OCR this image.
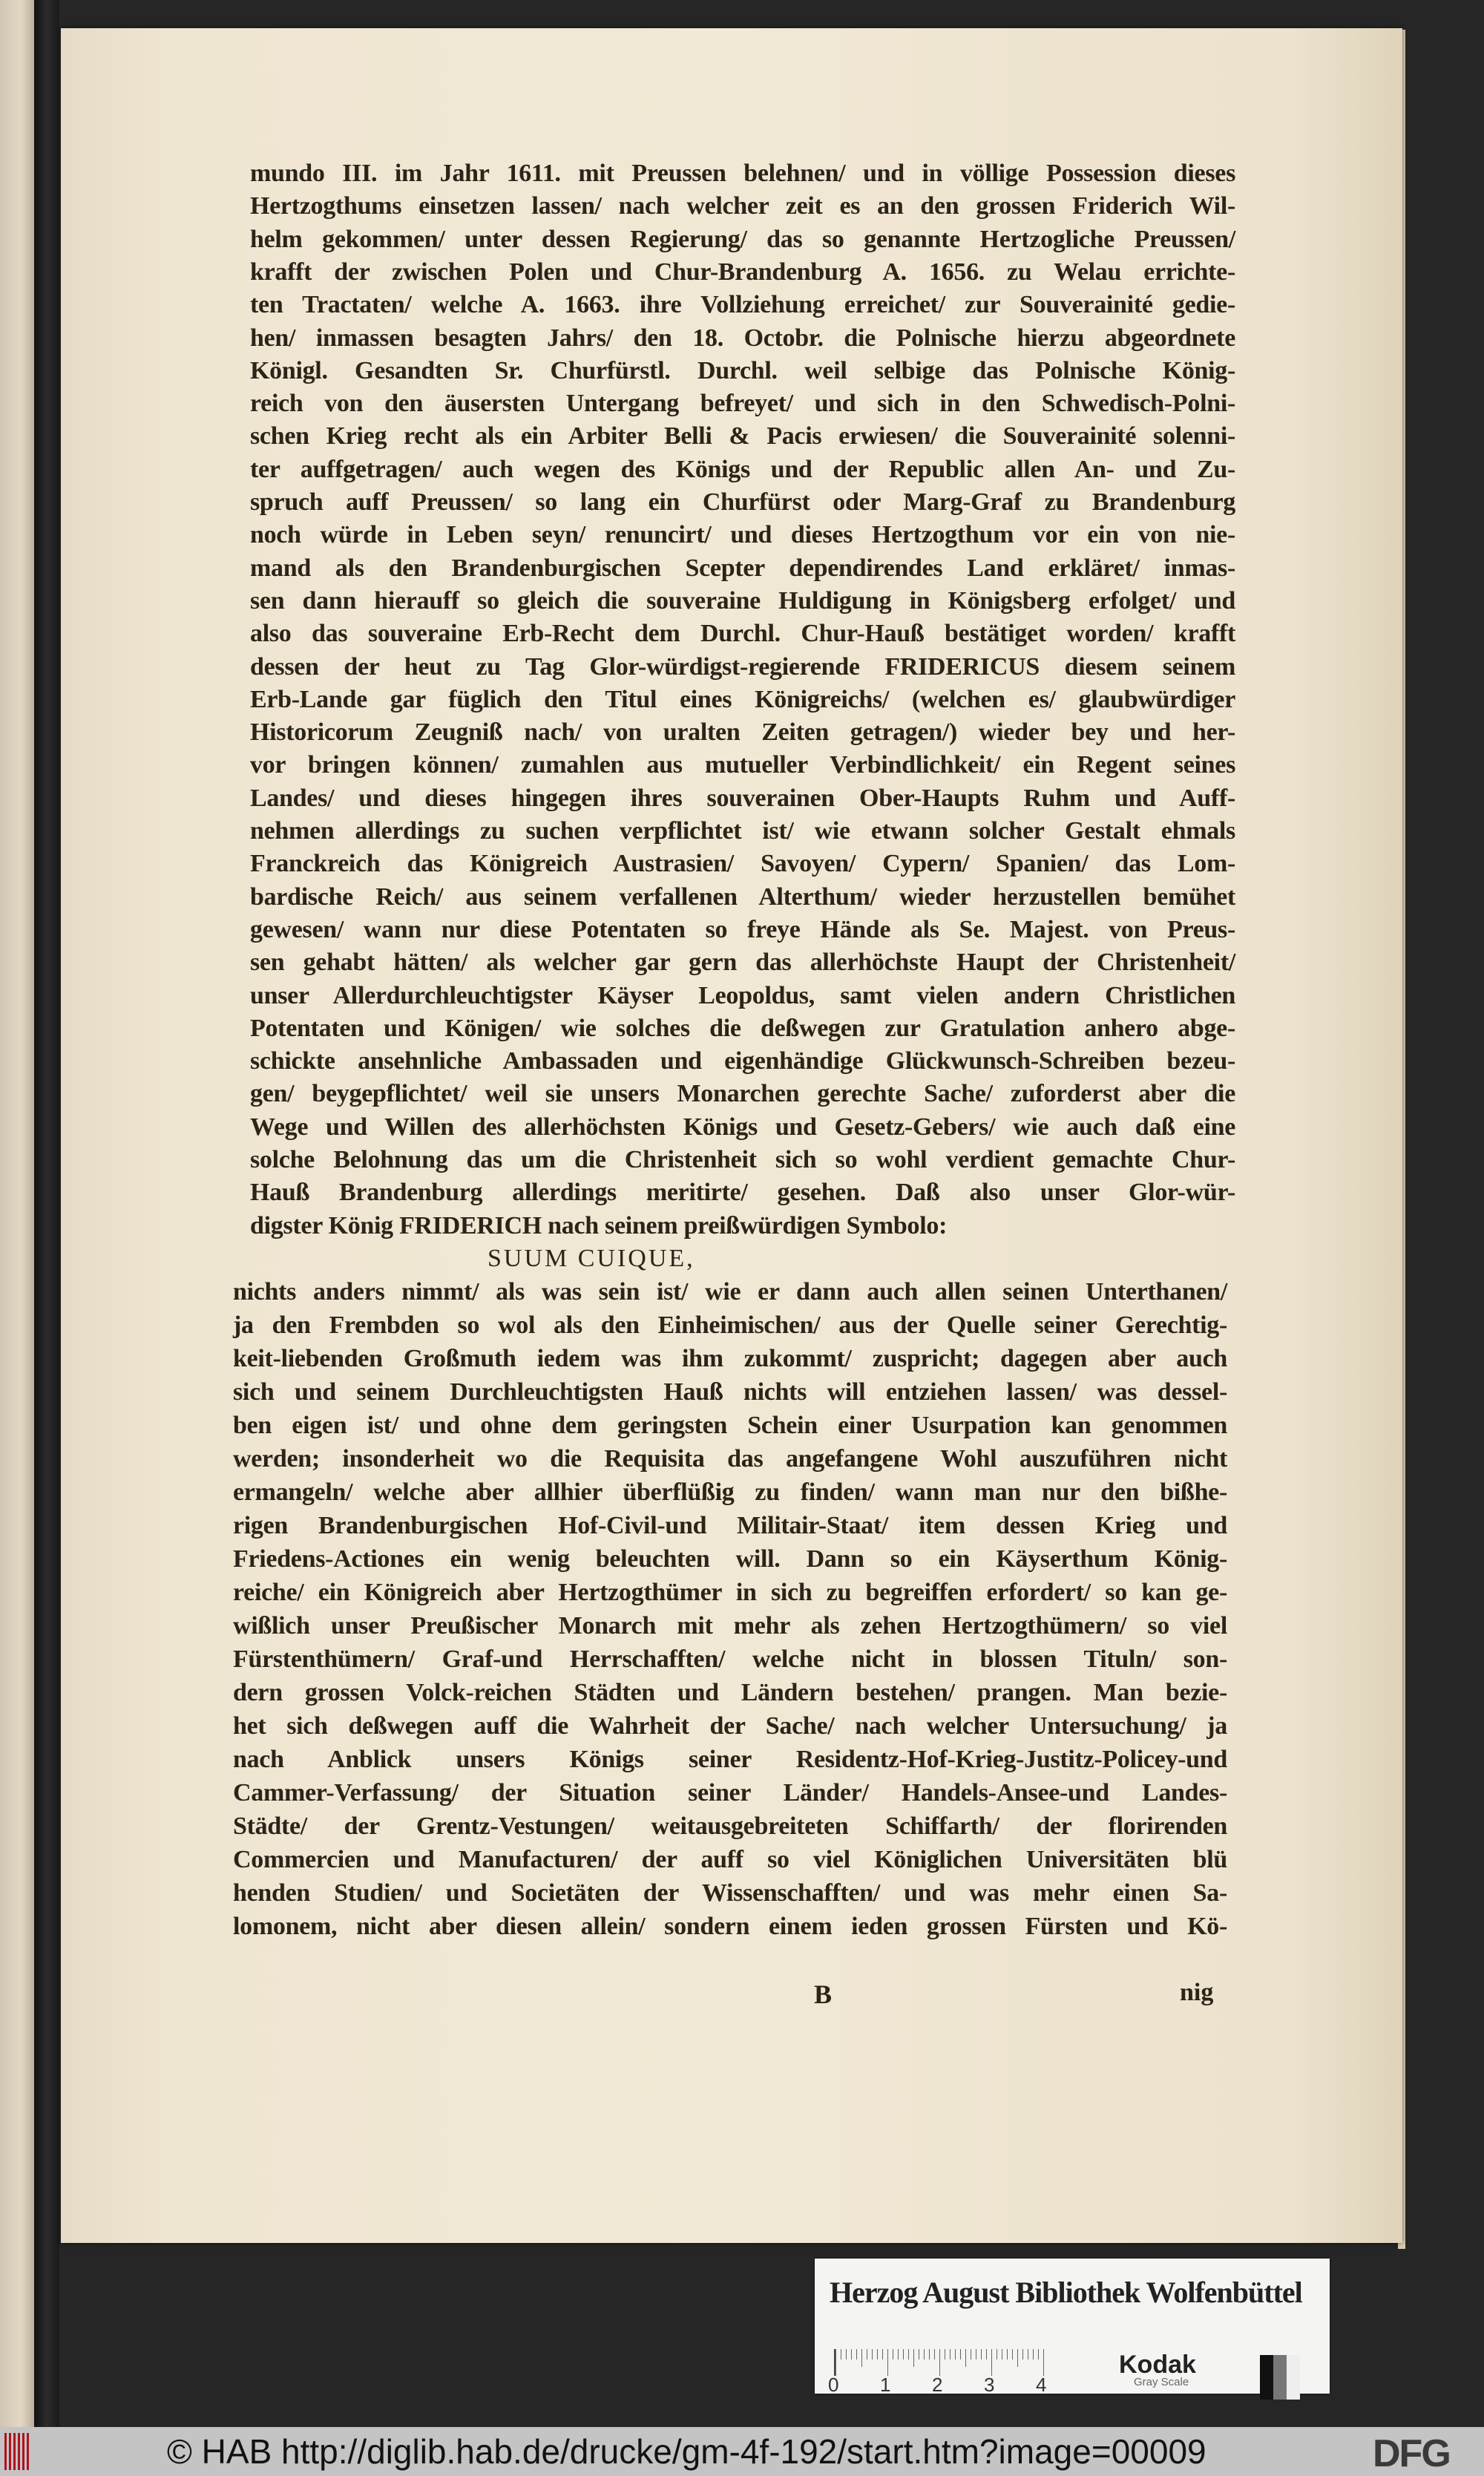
mundo III. im Jahr 1611. mit Preussen belehnen/ und in völlige Possession dieses
Hertzogthums einsetzen lassen/ nach welcher zeit es an den grossen Friderich Wil-
helm gekommen/ unter dessen Regierung/ das so genannte Hertzogliche Preussen/
krafft der zwischen Polen und Chur-Brandenburg A. 1656. zu Welau errichte-
ten Tractaten/ welche A. 1663. ihre Vollziehung erreichet/ zur Souverainité gedie-
hen/ inmassen besagten Jahrs/ den 18. Octobr. die Polnische hierzu abgeordnete
Königl. Gesandten Sr. Churfürstl. Durchl. weil selbige das Polnische König-
reich von den äusersten Untergang befreyet/ und sich in den Schwedisch-Polni-
schen Krieg recht als ein Arbiter Belli & Pacis erwiesen/ die Souverainité solenni-
ter auffgetragen/ auch wegen des Königs und der Republic allen An- und Zu-
spruch auff Preussen/ so lang ein Churfürst oder Marg-Graf zu Brandenburg
noch würde in Leben seyn/ renuncirt/ und dieses Hertzogthum vor ein von nie-
mand als den Brandenburgischen Scepter dependirendes Land erkläret/ inmas-
sen dann hierauff so gleich die souveraine Huldigung in Königsberg erfolget/ und
also das souveraine Erb-Recht dem Durchl. Chur-Hauß bestätiget worden/ krafft
dessen der heut zu Tag Glor-würdigst-regierende FRIDERICUS diesem seinem
Erb-Lande gar füglich den Titul eines Königreichs/ (welchen es/ glaubwürdiger
Historicorum Zeugniß nach/ von uralten Zeiten getragen/) wieder bey und her-
vor bringen können/ zumahlen aus mutueller Verbindlichkeit/ ein Regent seines
Landes/ und dieses hingegen ihres souverainen Ober-Haupts Ruhm und Auff-
nehmen allerdings zu suchen verpflichtet ist/ wie etwann solcher Gestalt ehmals
Franckreich das Königreich Austrasien/ Savoyen/ Cypern/ Spanien/ das Lom-
bardische Reich/ aus seinem verfallenen Alterthum/ wieder herzustellen bemühet
gewesen/ wann nur diese Potentaten so freye Hände als Se. Majest. von Preus-
sen gehabt hätten/ als welcher gar gern das allerhöchste Haupt der Christenheit/
unser Allerdurchleuchtigster Käyser Leopoldus, samt vielen andern Christlichen
Potentaten und Königen/ wie solches die deßwegen zur Gratulation anhero abge-
schickte ansehnliche Ambassaden und eigenhändige Glückwunsch-Schreiben bezeu-
gen/ beygepflichtet/ weil sie unsers Monarchen gerechte Sache/ zuforderst aber die
Wege und Willen des allerhöchsten Königs und Gesetz-Gebers/ wie auch daß eine
solche Belohnung das um die Christenheit sich so wohl verdient gemachte Chur-
Hauß Brandenburg allerdings meritirte/ gesehen. Daß also unser Glor-wür-
digster König FRIDERICH nach seinem preißwürdigen Symbolo:
SUUM CUIQUE,
nichts anders nimmt/ als was sein ist/ wie er dann auch allen seinen Unterthanen/
ja den Frembden so wol als den Einheimischen/ aus der Quelle seiner Gerechtig-
keit-liebenden Großmuth iedem was ihm zukommt/ zuspricht; dagegen aber auch
sich und seinem Durchleuchtigsten Hauß nichts will entziehen lassen/ was dessel-
ben eigen ist/ und ohne dem geringsten Schein einer Usurpation kan genommen
werden; insonderheit wo die Requisita das angefangene Wohl auszuführen nicht
ermangeln/ welche aber allhier überflüßig zu finden/ wann man nur den bißhe-
rigen Brandenburgischen Hof-Civil-und Militair-Staat/ item dessen Krieg und
Friedens-Actiones ein wenig beleuchten will. Dann so ein Käyserthum König-
reiche/ ein Königreich aber Hertzogthümer in sich zu begreiffen erfordert/ so kan ge-
wißlich unser Preußischer Monarch mit mehr als zehen Hertzogthümern/ so viel
Fürstenthümern/ Graf-und Herrschafften/ welche nicht in blossen Tituln/ son-
dern grossen Volck-reichen Städten und Ländern bestehen/ prangen. Man bezie-
het sich deßwegen auff die Wahrheit der Sache/ nach welcher Untersuchung/ ja
nach Anblick unsers Königs seiner Residentz-Hof-Krieg-Justitz-Policey-und
Cammer-Verfassung/ der Situation seiner Länder/ Handels-Ansee-und Landes-
Städte/ der Grentz-Vestungen/ weitausgebreiteten Schiffarth/ der florirenden
Commercien und Manufacturen/ der auff so viel Königlichen Universitäten blü
henden Studien/ und Societäten der Wissenschafften/ und was mehr einen Sa-
lomonem, nicht aber diesen allein/ sondern einem ieden grossen Fürsten und Kö-
B	nig
Herzog August Bibliothek Wolfenbüttel
0 1 2 3 4
Kodak
Gray Scale
© HAB http://diglib.hab.de/drucke/gm-4f-192/start.htm?image=00009	DFG
